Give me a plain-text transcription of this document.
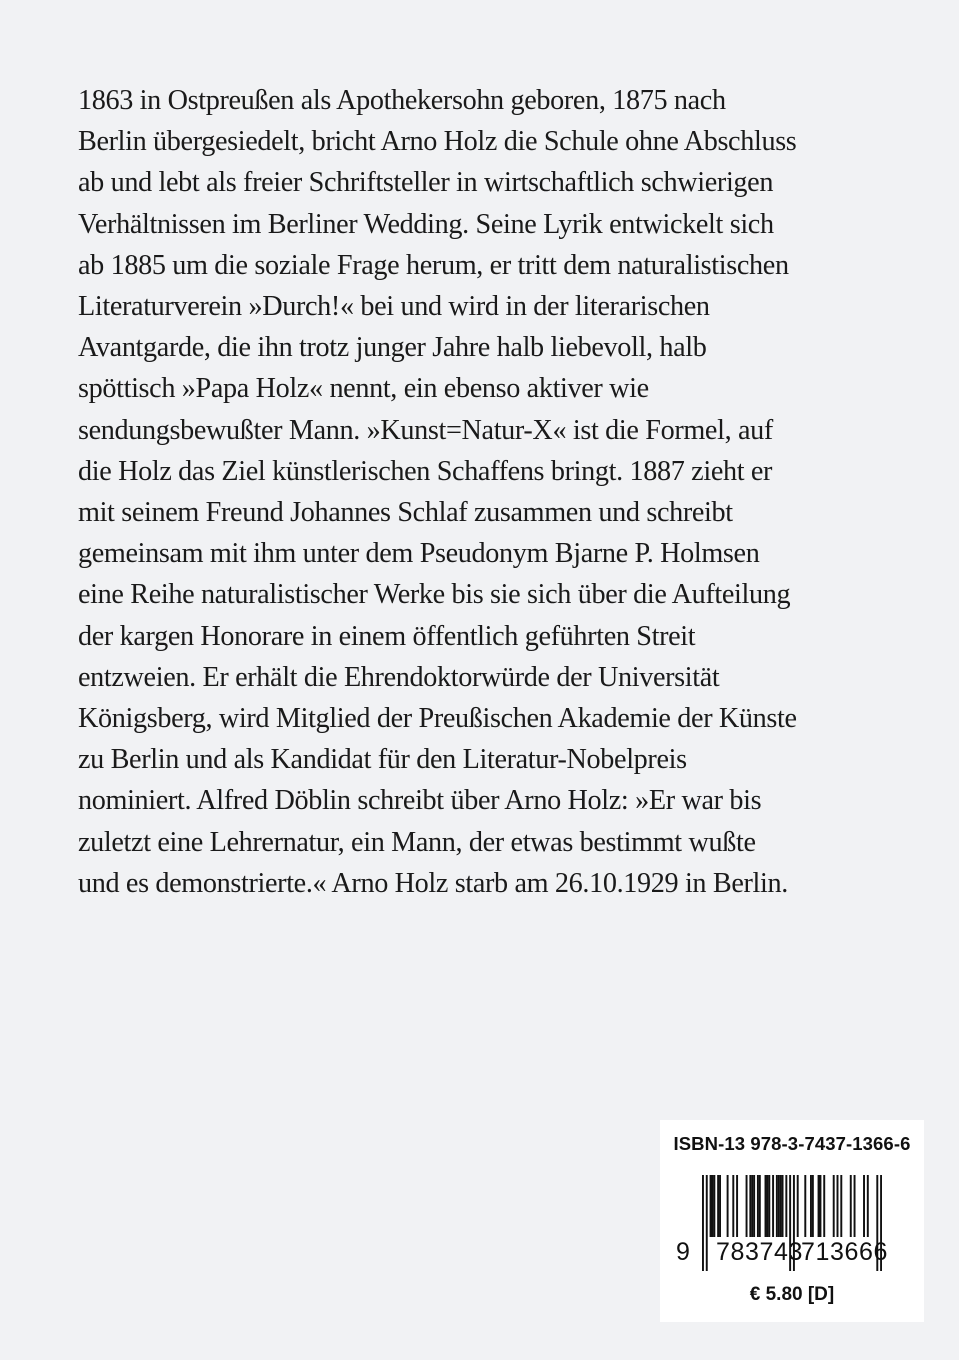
1863 in Ostpreußen als Apothekersohn geboren, 1875 nach
Berlin übergesiedelt, bricht Arno Holz die Schule ohne Abschluss
ab und lebt als freier Schriftsteller in wirtschaftlich schwierigen
Verhältnissen im Berliner Wedding. Seine Lyrik entwickelt sich
ab 1885 um die soziale Frage herum, er tritt dem naturalistischen
Literaturverein »Durch!« bei und wird in der literarischen
Avantgarde, die ihn trotz junger Jahre halb liebevoll, halb
spöttisch »Papa Holz« nennt, ein ebenso aktiver wie
sendungsbewußter Mann. »Kunst=Natur-X« ist die Formel, auf
die Holz das Ziel künstlerischen Schaffens bringt. 1887 zieht er
mit seinem Freund Johannes Schlaf zusammen und schreibt
gemeinsam mit ihm unter dem Pseudonym Bjarne P. Holmsen
eine Reihe naturalistischer Werke bis sie sich über die Aufteilung
der kargen Honorare in einem öffentlich geführten Streit
entzweien. Er erhält die Ehrendoktorwürde der Universität
Königsberg, wird Mitglied der Preußischen Akademie der Künste
zu Berlin und als Kandidat für den Literatur-Nobelpreis
nominiert. Alfred Döblin schreibt über Arno Holz: »Er war bis
zuletzt eine Lehrernatur, ein Mann, der etwas bestimmt wußte
und es demonstrierte.« Arno Holz starb am 26.10.1929 in Berlin.
ISBN-13 978-3-7437-1366-6
9 783743
713666
€ 5.80 [D]
